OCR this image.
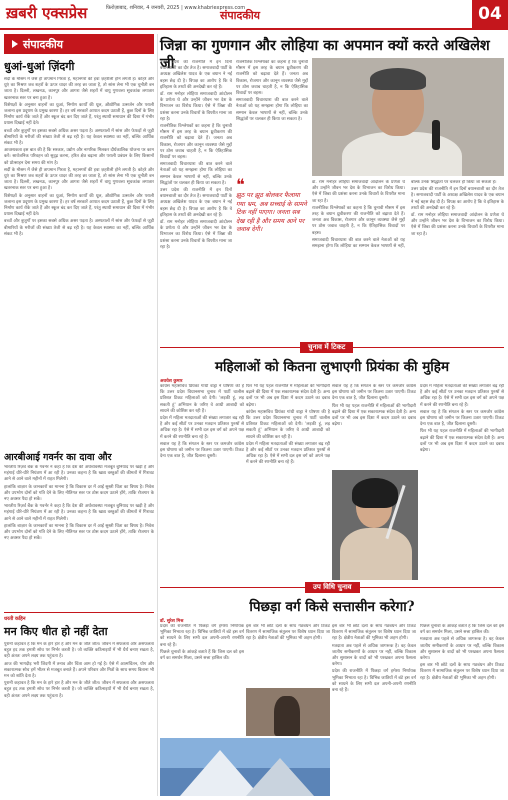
ख़बरी एक्सप्रेस	फ़िरोज़ाबाद, शनिवार, 4 जनवरी, 2025 | www.khabriexpress.com
संपादकीय	04
संपादकीय
धुआं-धुआं ज़िंदगी

सर्दी के मौसम में जैसे ही तापमान गिरता है, महानगरों की हवा ज़हरीली होने लगती है। कोहरे और धुएं का मिश्रण जब शहरों के ऊपर चादर की तरह छा जाता है, तो सांस लेना भी एक चुनौती बन जाता है। दिल्ली, लखनऊ, कानपुर और आगरा जैसे शहरों में वायु गुणवत्ता सूचकांक लगातार खतरनाक स्तर पर बना हुआ है।

विशेषज्ञों के अनुसार वाहनों का धुआं, निर्माण कार्यों की धूल, औद्योगिक उत्सर्जन और पराली जलाना इस प्रदूषण के प्रमुख कारण हैं। हर वर्ष सरकारें आपात कदम उठाती हैं, कुछ दिनों के लिए निर्माण कार्य रोके जाते हैं और स्कूल बंद कर दिए जाते हैं, परंतु स्थायी समाधान की दिशा में गंभीर प्रयास दिखाई नहीं देते।

बच्चों और बुजुर्गों पर इसका सबसे अधिक असर पड़ता है। अस्पतालों में सांस और फेफड़ों से जुड़ी बीमारियों के मरीजों की संख्या तेजी से बढ़ रही है। यह केवल स्वास्थ्य का नहीं, बल्कि आर्थिक संकट भी है।

आवश्यकता इस बात की है कि सरकार, उद्योग और नागरिक मिलकर दीर्घकालिक योजना पर काम करें। सार्वजनिक परिवहन को सुदृढ़ करना, हरित क्षेत्र बढ़ाना और पराली प्रबंधन के लिए किसानों को प्रोत्साहन देना समय की मांग है।

सर्दी के मौसम में जैसे ही तापमान गिरता है, महानगरों की हवा ज़हरीली होने लगती है। कोहरे और धुएं का मिश्रण जब शहरों के ऊपर चादर की तरह छा जाता है, तो सांस लेना भी एक चुनौती बन जाता है। दिल्ली, लखनऊ, कानपुर और आगरा जैसे शहरों में वायु गुणवत्ता सूचकांक लगातार खतरनाक स्तर पर बना हुआ है।

विशेषज्ञों के अनुसार वाहनों का धुआं, निर्माण कार्यों की धूल, औद्योगिक उत्सर्जन और पराली जलाना इस प्रदूषण के प्रमुख कारण हैं। हर वर्ष सरकारें आपात कदम उठाती हैं, कुछ दिनों के लिए निर्माण कार्य रोके जाते हैं और स्कूल बंद कर दिए जाते हैं, परंतु स्थायी समाधान की दिशा में गंभीर प्रयास दिखाई नहीं देते।

बच्चों और बुजुर्गों पर इसका सबसे अधिक असर पड़ता है। अस्पतालों में सांस और फेफड़ों से जुड़ी बीमारियों के मरीजों की संख्या तेजी से बढ़ रही है। यह केवल स्वास्थ्य का नहीं, बल्कि आर्थिक संकट भी है।

आरबीआई गवर्नर का दावा और

भारतीय रिज़र्व बैंक के गवर्नर ने कहा है कि देश की अर्थव्यवस्था मजबूत बुनियाद पर खड़ी है और महंगाई धीरे-धीरे नियंत्रण में आ रही है। उनका कहना है कि खाद्य वस्तुओं की कीमतों में गिरावट आने से आने वाले महीनों में राहत मिलेगी।

हालांकि बाज़ार के जानकारों का मानना है कि विकास दर में आई सुस्ती चिंता का विषय है। निवेश और उपभोग दोनों को गति देने के लिए नीतिगत स्तर पर ठोस कदम उठाने होंगे, ताकि रोजगार के नए अवसर पैदा हो सकें।

भारतीय रिज़र्व बैंक के गवर्नर ने कहा है कि देश की अर्थव्यवस्था मजबूत बुनियाद पर खड़ी है और महंगाई धीरे-धीरे नियंत्रण में आ रही है। उनका कहना है कि खाद्य वस्तुओं की कीमतों में गिरावट आने से आने वाले महीनों में राहत मिलेगी।

हालांकि बाज़ार के जानकारों का मानना है कि विकास दर में आई सुस्ती चिंता का विषय है। निवेश और उपभोग दोनों को गति देने के लिए नीतिगत स्तर पर ठोस कदम उठाने होंगे, ताकि रोजगार के नए अवसर पैदा हो सकें।

जिन्ना का गुणगान और लोहिया का अपमान क्यों करते अखिलेश जी

उत्तर प्रदेश की राजनीति में इन दिनों बयानबाजी का दौर तेज है। समाजवादी पार्टी के अध्यक्ष अखिलेश यादव के एक बयान ने नई बहस छेड़ दी है। विपक्ष का आरोप है कि वे इतिहास के तथ्यों की अनदेखी कर रहे हैं।

डॉ. राम मनोहर लोहिया समाजवादी आंदोलन के प्रणेता थे और उन्होंने जीवन भर देश के विभाजन का विरोध किया। ऐसे में जिन्ना की प्रशंसा करना उनके विचारों के विपरीत माना जा रहा है।

राजनीतिक विश्लेषकों का कहना है कि चुनावी मौसम में इस तरह के बयान ध्रुवीकरण की राजनीति को बढ़ावा देते हैं। जनता अब विकास, रोजगार और कानून व्यवस्था जैसे मुद्दों पर ठोस जवाब चाहती है, न कि ऐतिहासिक विवादों पर बहस।

समाजवादी विचारधारा की बात करने वाले नेताओं को यह समझना होगा कि लोहिया का सम्मान केवल भाषणों से नहीं, बल्कि उनके सिद्धांतों पर चलकर ही किया जा सकता है।

उत्तर प्रदेश की राजनीति में इन दिनों बयानबाजी का दौर तेज है। समाजवादी पार्टी के अध्यक्ष अखिलेश यादव के एक बयान ने नई बहस छेड़ दी है। विपक्ष का आरोप है कि वे इतिहास के तथ्यों की अनदेखी कर रहे हैं।

डॉ. राम मनोहर लोहिया समाजवादी आंदोलन के प्रणेता थे और उन्होंने जीवन भर देश के विभाजन का विरोध किया। ऐसे में जिन्ना की प्रशंसा करना उनके विचारों के विपरीत माना जा रहा है।

राजनीतिक विश्लेषकों का कहना है कि चुनावी मौसम में इस तरह के बयान ध्रुवीकरण की राजनीति को बढ़ावा देते हैं। जनता अब विकास, रोजगार और कानून व्यवस्था जैसे मुद्दों पर ठोस जवाब चाहती है, न कि ऐतिहासिक विवादों पर बहस।

समाजवादी विचारधारा की बात करने वाले नेताओं को यह समझना होगा कि लोहिया का सम्मान केवल भाषणों से नहीं, बल्कि उनके सिद्धांतों पर चलकर ही किया जा सकता है।

❝
झूठ पर झूठ बोलकर फैलाया गया भ्रम, अब सच्चाई के सामने टिक नहीं पाएगा। जनता सब देख रही है और समय आने पर जवाब देगी।

डॉ. राम मनोहर लोहिया समाजवादी आंदोलन के प्रणेता थे और उन्होंने जीवन भर देश के विभाजन का विरोध किया। ऐसे में जिन्ना की प्रशंसा करना उनके विचारों के विपरीत माना जा रहा है।

राजनीतिक विश्लेषकों का कहना है कि चुनावी मौसम में इस तरह के बयान ध्रुवीकरण की राजनीति को बढ़ावा देते हैं। जनता अब विकास, रोजगार और कानून व्यवस्था जैसे मुद्दों पर ठोस जवाब चाहती है, न कि ऐतिहासिक विवादों पर बहस।

समाजवादी विचारधारा की बात करने वाले नेताओं को यह समझना होगा कि लोहिया का सम्मान केवल भाषणों से नहीं, बल्कि उनके सिद्धांतों पर चलकर ही किया जा सकता है।

उत्तर प्रदेश की राजनीति में इन दिनों बयानबाजी का दौर तेज है। समाजवादी पार्टी के अध्यक्ष अखिलेश यादव के एक बयान ने नई बहस छेड़ दी है। विपक्ष का आरोप है कि वे इतिहास के तथ्यों की अनदेखी कर रहे हैं।

डॉ. राम मनोहर लोहिया समाजवादी आंदोलन के प्रणेता थे और उन्होंने जीवन भर देश के विभाजन का विरोध किया। ऐसे में जिन्ना की प्रशंसा करना उनके विचारों के विपरीत माना जा रहा है।

चुनाव में टिकट
महिलाओं को कितना लुभाएगी प्रियंका की मुहिम
अवधेश कुमार

कांग्रेस महासचिव प्रियंका गांधी वाड्रा ने घोषणा की है कि उत्तर प्रदेश विधानसभा चुनाव में पार्टी चालीस प्रतिशत टिकट महिलाओं को देगी। 'लड़की हूं, लड़ सकती हूं' अभियान के जरिए वे आधी आबादी को साधने की कोशिश कर रही हैं।

प्रदेश में महिला मतदाताओं की संख्या लगातार बढ़ रही है और कई सीटों पर उनका मतदान प्रतिशत पुरुषों से अधिक रहा है। ऐसे में सभी दल इस वर्ग को अपने पक्ष में करने की रणनीति बना रहे हैं।

सवाल यह है कि संगठन के स्तर पर कमजोर कांग्रेस इस घोषणा को जमीन पर कितना उतार पाएगी। टिकट देना एक बात है, जीत दिलाना दूसरी।

फिर भी यह पहल राजनीति में महिलाओं की भागीदारी बढ़ाने की दिशा में एक सकारात्मक संदेश देती है। अन्य दलों पर भी अब इस दिशा में कदम उठाने का दबाव बढ़ेगा।

कांग्रेस महासचिव प्रियंका गांधी वाड्रा ने घोषणा की है कि उत्तर प्रदेश विधानसभा चुनाव में पार्टी चालीस प्रतिशत टिकट महिलाओं को देगी। 'लड़की हूं, लड़ सकती हूं' अभियान के जरिए वे आधी आबादी को साधने की कोशिश कर रही हैं।

प्रदेश में महिला मतदाताओं की संख्या लगातार बढ़ रही है और कई सीटों पर उनका मतदान प्रतिशत पुरुषों से अधिक रहा है। ऐसे में सभी दल इस वर्ग को अपने पक्ष में करने की रणनीति बना रहे हैं।

सवाल यह है कि संगठन के स्तर पर कमजोर कांग्रेस इस घोषणा को जमीन पर कितना उतार पाएगी। टिकट देना एक बात है, जीत दिलाना दूसरी।

फिर भी यह पहल राजनीति में महिलाओं की भागीदारी बढ़ाने की दिशा में एक सकारात्मक संदेश देती है। अन्य दलों पर भी अब इस दिशा में कदम उठाने का दबाव बढ़ेगा।

प्रदेश में महिला मतदाताओं की संख्या लगातार बढ़ रही है और कई सीटों पर उनका मतदान प्रतिशत पुरुषों से अधिक रहा है। ऐसे में सभी दल इस वर्ग को अपने पक्ष में करने की रणनीति बना रहे हैं।

सवाल यह है कि संगठन के स्तर पर कमजोर कांग्रेस इस घोषणा को जमीन पर कितना उतार पाएगी। टिकट देना एक बात है, जीत दिलाना दूसरी।

फिर भी यह पहल राजनीति में महिलाओं की भागीदारी बढ़ाने की दिशा में एक सकारात्मक संदेश देती है। अन्य दलों पर भी अब इस दिशा में कदम उठाने का दबाव बढ़ेगा।

उप विधि चुनाव
पिछड़ा वर्ग किसे सत्तासीन करेगा?
डॉ. सुरेश मिश्र

प्रदेश की राजनीति में पिछड़ा वर्ग हमेशा निर्णायक भूमिका निभाता रहा है। विभिन्न जातियों में बंटे इस वर्ग को साधने के लिए सभी दल अपनी-अपनी रणनीति बना रहे हैं।

पिछले चुनावों के आंकड़े बताते हैं कि जिस दल को इस वर्ग का समर्थन मिला, उसने सत्ता हासिल की।

इस बार भी छोटे दलों के साथ गठबंधन और टिकट वितरण में सामाजिक संतुलन पर विशेष ध्यान दिया जा रहा है। क्षेत्रीय नेताओं की भूमिका भी अहम होगी।

इस बार भी छोटे दलों के साथ गठबंधन और टिकट वितरण में सामाजिक संतुलन पर विशेष ध्यान दिया जा रहा है। क्षेत्रीय नेताओं की भूमिका भी अहम होगी।

मतदाता अब पहले से अधिक जागरूक है। वह केवल जातीय समीकरणों के आधार पर नहीं, बल्कि विकास और सुशासन के वादों को भी परखकर अपना फैसला करेगा।

प्रदेश की राजनीति में पिछड़ा वर्ग हमेशा निर्णायक भूमिका निभाता रहा है। विभिन्न जातियों में बंटे इस वर्ग को साधने के लिए सभी दल अपनी-अपनी रणनीति बना रहे हैं।

पिछले चुनावों के आंकड़े बताते हैं कि जिस दल को इस वर्ग का समर्थन मिला, उसने सत्ता हासिल की।

मतदाता अब पहले से अधिक जागरूक है। वह केवल जातीय समीकरणों के आधार पर नहीं, बल्कि विकास और सुशासन के वादों को भी परखकर अपना फैसला करेगा।

इस बार भी छोटे दलों के साथ गठबंधन और टिकट वितरण में सामाजिक संतुलन पर विशेष ध्यान दिया जा रहा है। क्षेत्रीय नेताओं की भूमिका भी अहम होगी।

धरती कहिन
मन किए धीत हो नहीं देता

पुरानी कहावत है कि मन के हारे हार है और मन के जीते जीत। जीवन में सफलता और असफलता बहुत हद तक हमारी सोच पर निर्भर करती है। जो व्यक्ति कठिनाइयों में भी धैर्य बनाए रखता है, वही अंततः अपने लक्ष्य तक पहुंचता है।

आज की भागदौड़ भरी जिंदगी में तनाव और चिंता आम हो गई है। ऐसे में आत्मचिंतन, योग और सकारात्मक सोच हमें भीतर से मजबूत बनाते हैं। अपने परिवार और मित्रों के साथ समय बिताना भी मन को शांति देता है।

पुरानी कहावत है कि मन के हारे हार है और मन के जीते जीत। जीवन में सफलता और असफलता बहुत हद तक हमारी सोच पर निर्भर करती है। जो व्यक्ति कठिनाइयों में भी धैर्य बनाए रखता है, वही अंततः अपने लक्ष्य तक पहुंचता है।
